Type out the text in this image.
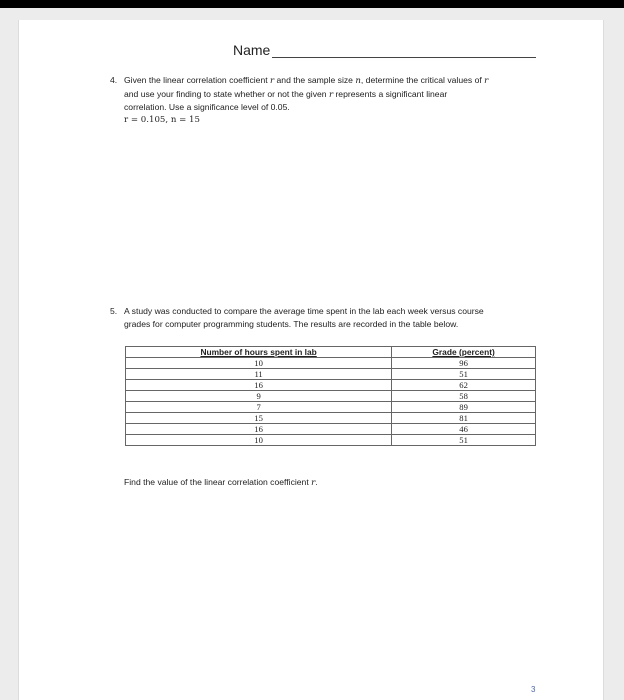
Name
4. Given the linear correlation coefficient r and the sample size n, determine the critical values of r
and use your finding to state whether or not the given r represents a significant linear
correlation. Use a significance level of 0.05.
r = 0.105, n = 15
5. A study was conducted to compare the average time spent in the lab each week versus course
grades for computer programming students. The results are recorded in the table below.
Number of hours spent in lab	Grade (percent)
10	96
11	51
16	62
9	58
7	89
15	81
16	46
10	51
Find the value of the linear correlation coefficient r.
3
